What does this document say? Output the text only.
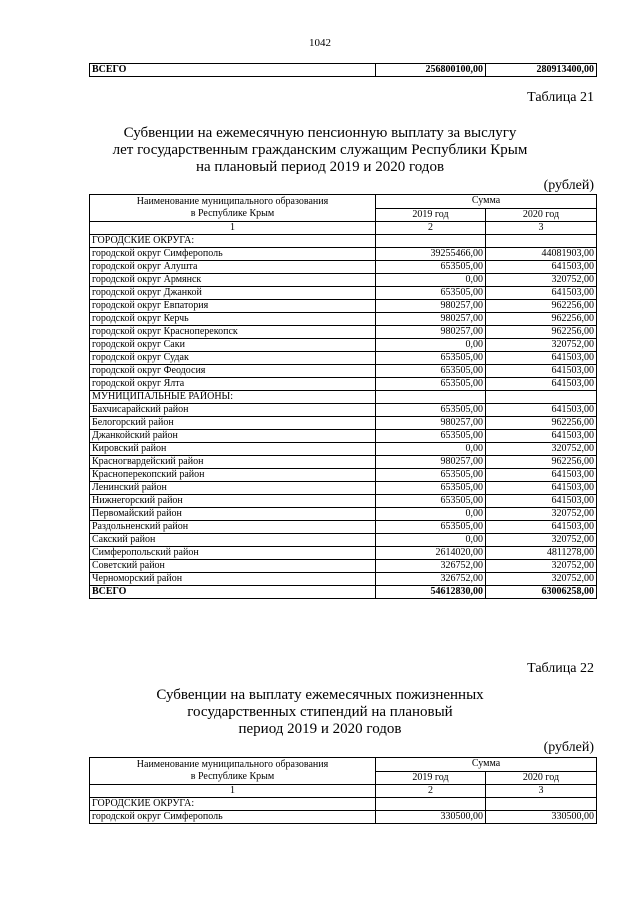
1042
ВСЕГО	256800100,00	280913400,00
Таблица 21
Субвенции на ежемесячную пенсионную выплату за выслугу
лет государственным гражданским служащим Республики Крым
на плановый период 2019 и 2020 годов
(рублей)
Наименование муниципального образования
в Республике Крым	Сумма	
	2019 год	2020 год
1	2	3
ГОРОДСКИЕ ОКРУГА:		
городской округ Симферополь	39255466,00	44081903,00
городской округ Алушта	653505,00	641503,00
городской округ Армянск	0,00	320752,00
городской округ Джанкой	653505,00	641503,00
городской округ Евпатория	980257,00	962256,00
городской округ Керчь	980257,00	962256,00
городской округ Красноперекопск	980257,00	962256,00
городской округ Саки	0,00	320752,00
городской округ Судак	653505,00	641503,00
городской округ Феодосия	653505,00	641503,00
городской округ Ялта	653505,00	641503,00
МУНИЦИПАЛЬНЫЕ РАЙОНЫ:		
Бахчисарайский район	653505,00	641503,00
Белогорский район	980257,00	962256,00
Джанкойский район	653505,00	641503,00
Кировский район	0,00	320752,00
Красногвардейский район	980257,00	962256,00
Красноперекопский район	653505,00	641503,00
Ленинский район	653505,00	641503,00
Нижнегорский район	653505,00	641503,00
Первомайский район	0,00	320752,00
Раздольненский район	653505,00	641503,00
Сакский район	0,00	320752,00
Симферопольский район	2614020,00	4811278,00
Советский район	326752,00	320752,00
Черноморский район	326752,00	320752,00
ВСЕГО	54612830,00	63006258,00
Таблица 22
Субвенции на выплату ежемесячных пожизненных
государственных стипендий на плановый
период 2019 и 2020 годов
(рублей)
Наименование муниципального образования
в Республике Крым	Сумма	
	2019 год	2020 год
1	2	3
ГОРОДСКИЕ ОКРУГА:		
городской округ Симферополь	330500,00	330500,00
